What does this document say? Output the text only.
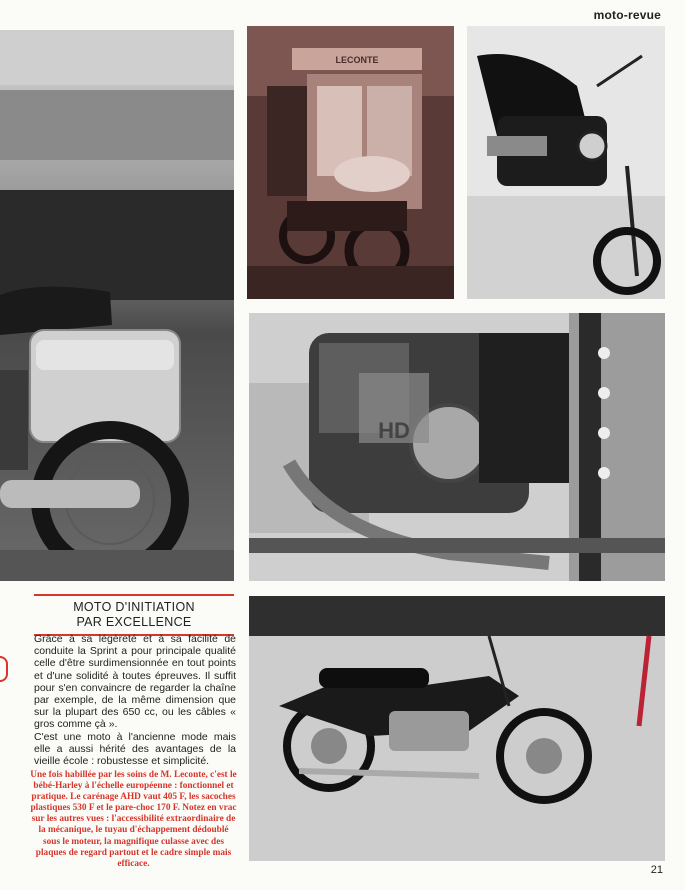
moto-revue
LECONTE
HD
MOTO D'INITIATION
PAR EXCELLENCE

Grâce à sa légèreté et à sa facilité de conduite la Sprint a pour principale qualité celle d'être surdimensionnée en tout points et d'une solidité à toutes épreuves. Il suffit pour s'en convaincre de regarder la chaîne par exemple, de la même dimension que sur la plupart des 650 cc, ou les câbles « gros comme çà ».

C'est une moto à l'ancienne mode mais elle a aussi hérité des avantages de la vieille école : robustesse et simplicité.

Une fois habillée par les soins de M. Leconte, c'est le bébé-Harley à l'échelle européenne : fonctionnel et pratique. Le carénage AHD vaut 405 F, les sacoches plastiques 530 F et le pare-choc 170 F. Notez en vrac sur les autres vues : l'accessibilité extraordinaire de la mécanique, le tuyau d'échappement dédoublé sous le moteur, la magnifique culasse avec des plaques de regard partout et le cadre simple mais efficace.

21
